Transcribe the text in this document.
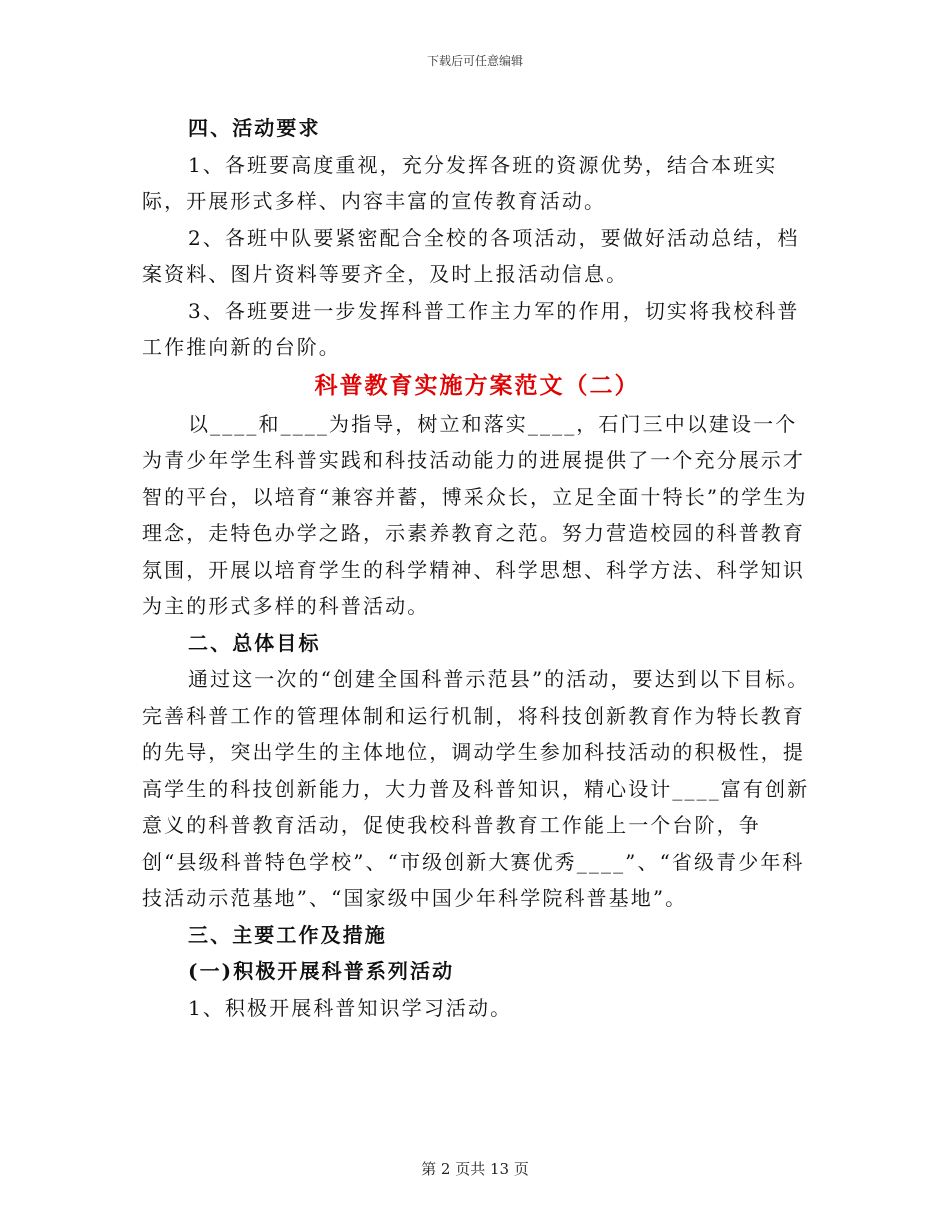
下载后可任意编辑

四、活动要求

1、各班要高度重视，充分发挥各班的资源优势，结合本班实际，开展形式多样、内容丰富的宣传教育活动。

2、各班中队要紧密配合全校的各项活动，要做好活动总结，档案资料、图片资料等要齐全，及时上报活动信息。

3、各班要进一步发挥科普工作主力军的作用，切实将我校科普工作推向新的台阶。

科普教育实施方案范文（二）

以____和____为指导，树立和落实____，石门三中以建设一个为青少年学生科普实践和科技活动能力的进展提供了一个充分展示才智的平台，以培育“兼容并蓄，博采众长，立足全面十特长”的学生为理念，走特色办学之路，示素养教育之范。努力营造校园的科普教育氛围，开展以培育学生的科学精神、科学思想、科学方法、科学知识为主的形式多样的科普活动。

二、总体目标

通过这一次的“创建全国科普示范县”的活动，要达到以下目标。完善科普工作的管理体制和运行机制，将科技创新教育作为特长教育的先导，突出学生的主体地位，调动学生参加科技活动的积极性，提高学生的科技创新能力，大力普及科普知识，精心设计____富有创新意义的科普教育活动，促使我校科普教育工作能上一个台阶，争创“县级科普特色学校”、“市级创新大赛优秀____”、“省级青少年科技活动示范基地”、“国家级中国少年科学院科普基地”。

三、主要工作及措施

(一)积极开展科普系列活动

1、积极开展科普知识学习活动。

第 2 页共 13 页
